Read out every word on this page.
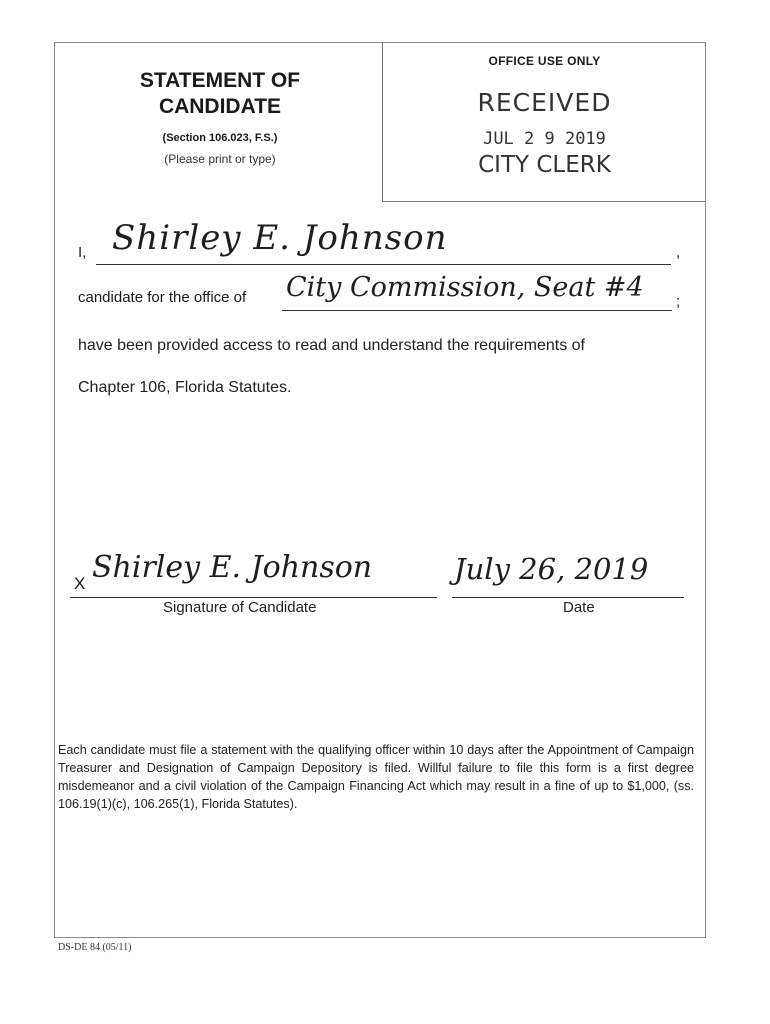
STATEMENT OF
CANDIDATE
(Section 106.023, F.S.)
(Please print or type)
OFFICE USE ONLY
RECEIVED
JUL 2 9 2019
CITY CLERK
I, Shirley E. Johnson	,
candidate for the office of City Commission, Seat #4 ;
have been provided access to read and understand the requirements of
Chapter 106, Florida Statutes.
X Shirley E. Johnson
Signature of Candidate
July 26, 2019
Date
Each candidate must file a statement with the qualifying officer within 10 days after the Appointment of Campaign Treasurer and Designation of Campaign Depository is filed. Willful failure to file this form is a first degree misdemeanor and a civil violation of the Campaign Financing Act which may result in a fine of up to $1,000, (ss. 106.19(1)(c), 106.265(1), Florida Statutes).
DS-DE 84 (05/11)
